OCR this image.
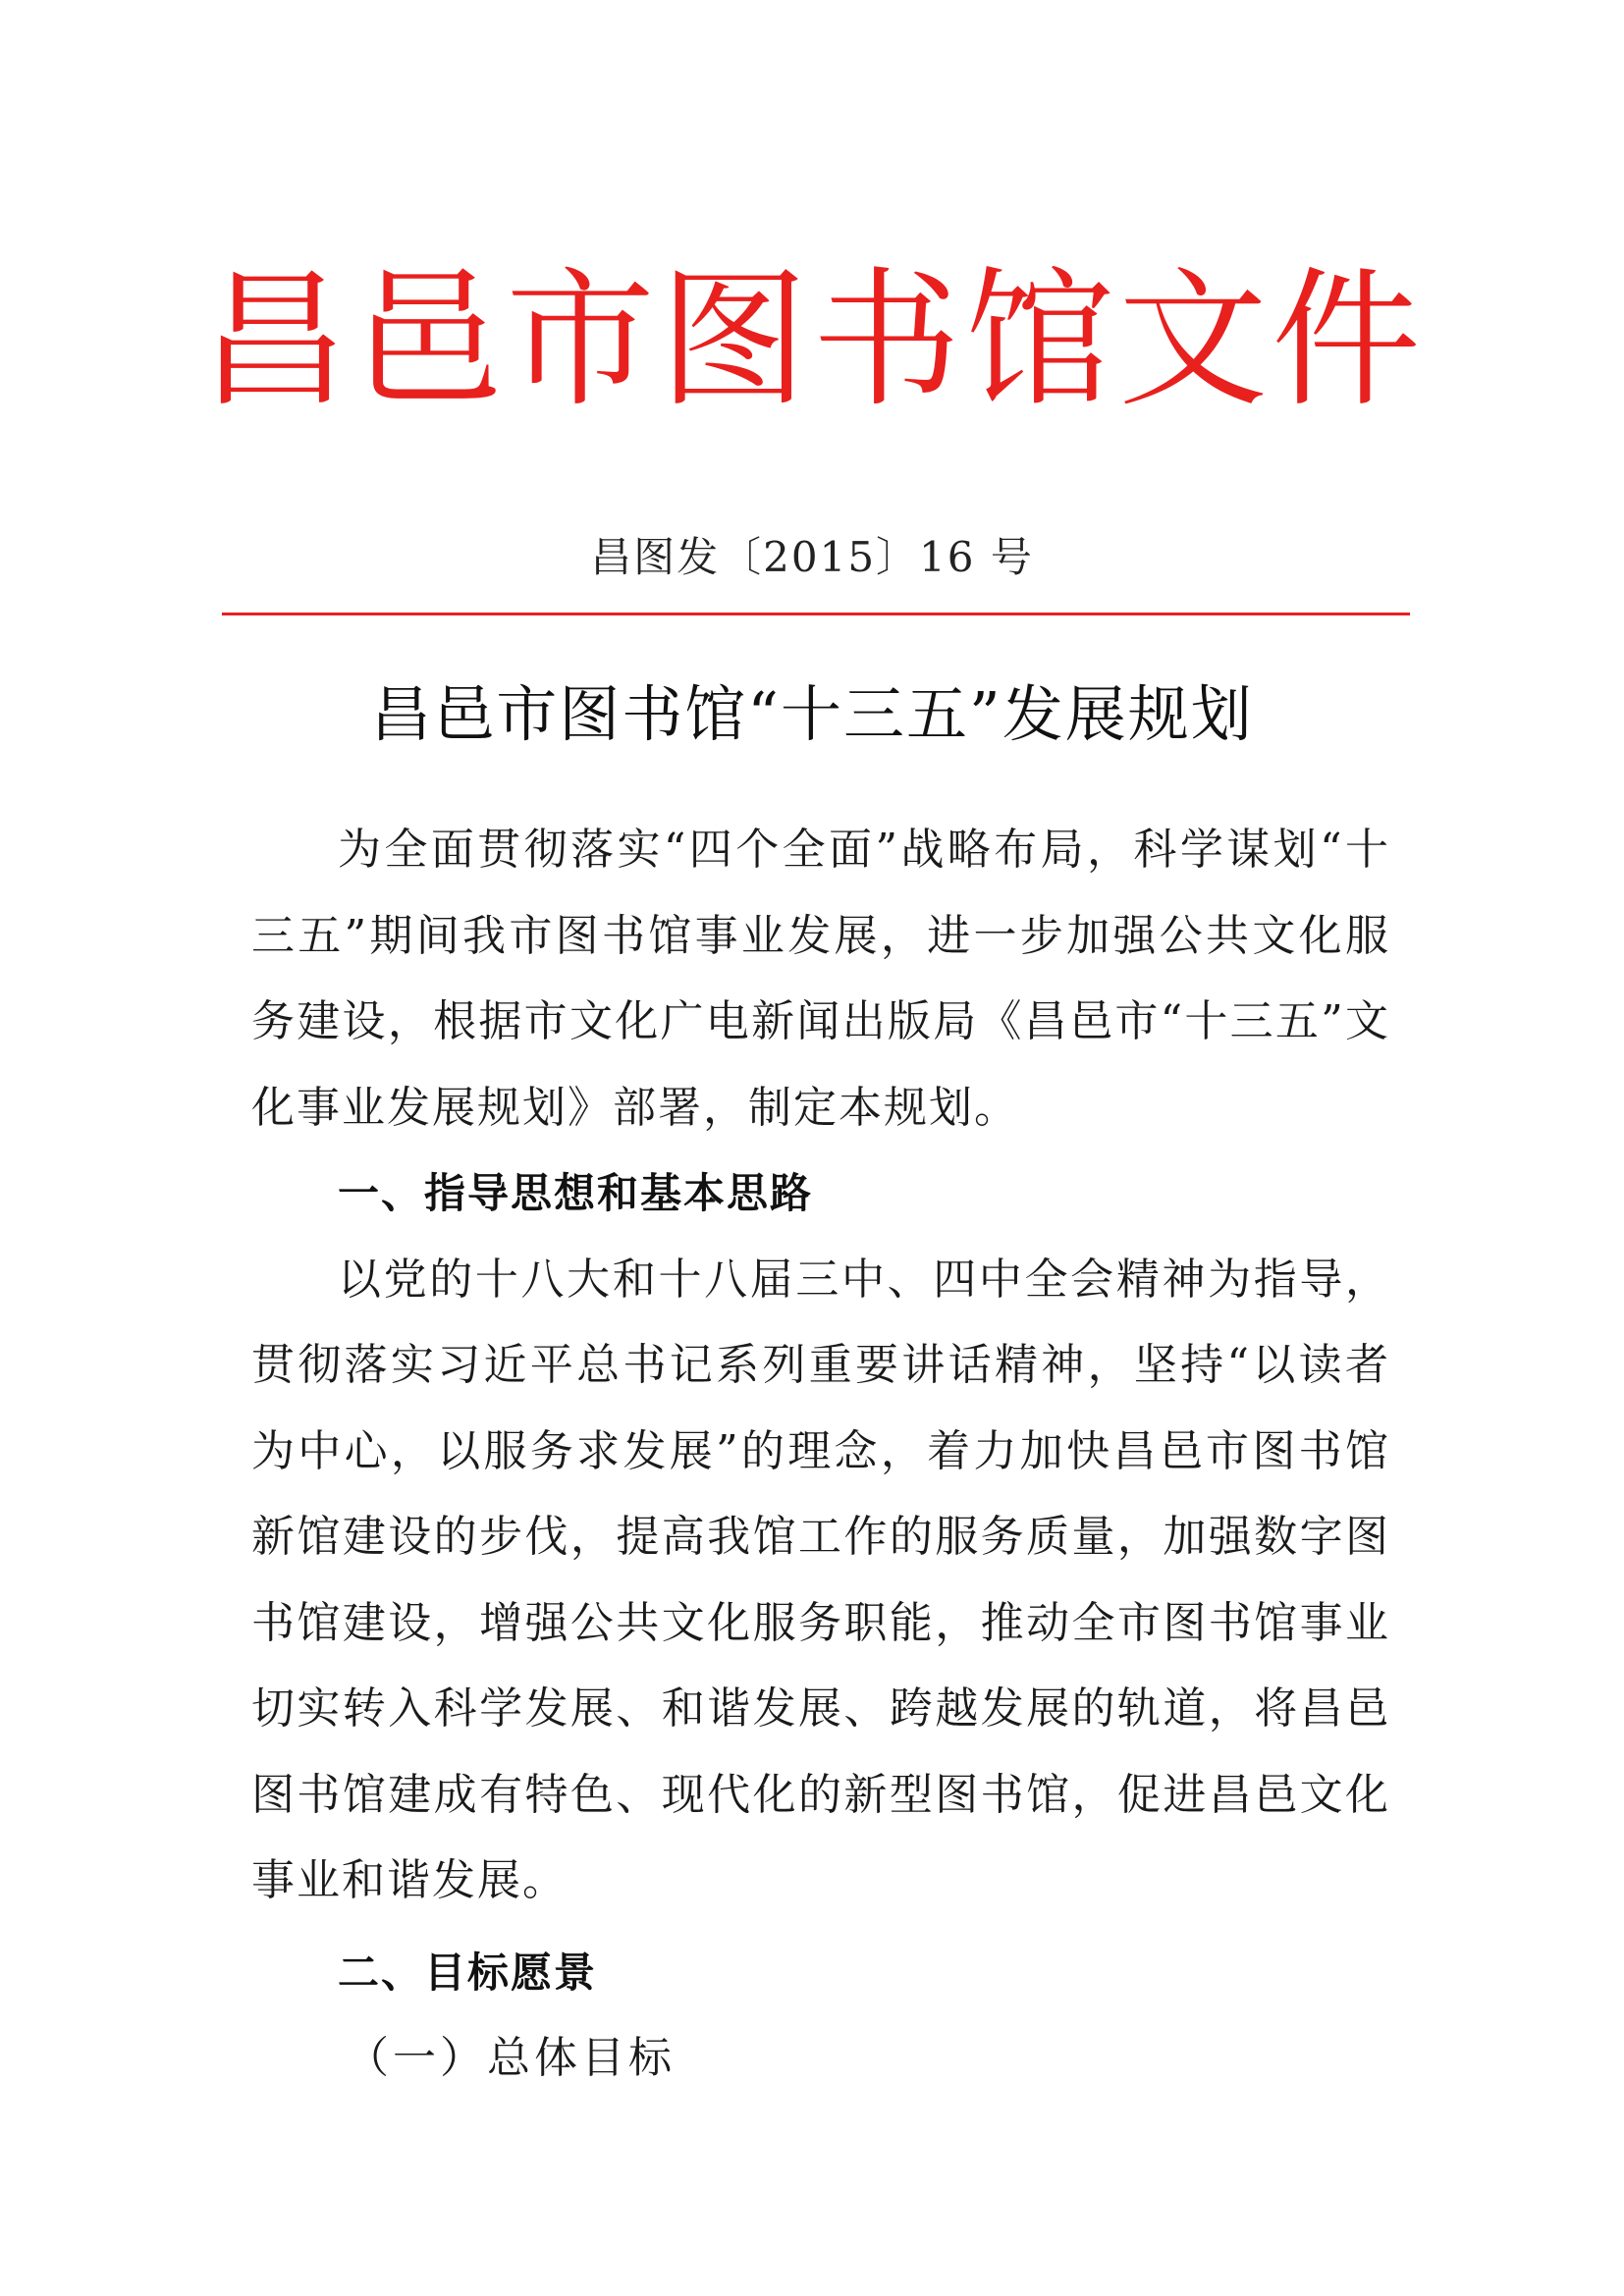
昌邑市图书馆文件
昌图发〔2015〕16 号
昌邑市图书馆“十三五”发展规划

为全面贯彻落实“四个全面”战略布局，科学谋划“十三五”期间我市图书馆事业发展，进一步加强公共文化服务建设，根据市文化广电新闻出版局《昌邑市“十三五”文化事业发展规划》部署，制定本规划。

一、指导思想和基本思路

以党的十八大和十八届三中、四中全会精神为指导，贯彻落实习近平总书记系列重要讲话精神，坚持“以读者为中心，以服务求发展”的理念，着力加快昌邑市图书馆新馆建设的步伐，提高我馆工作的服务质量，加强数字图书馆建设，增强公共文化服务职能，推动全市图书馆事业切实转入科学发展、和谐发展、跨越发展的轨道，将昌邑图书馆建成有特色、现代化的新型图书馆，促进昌邑文化事业和谐发展。

二、目标愿景

（一）总体目标
